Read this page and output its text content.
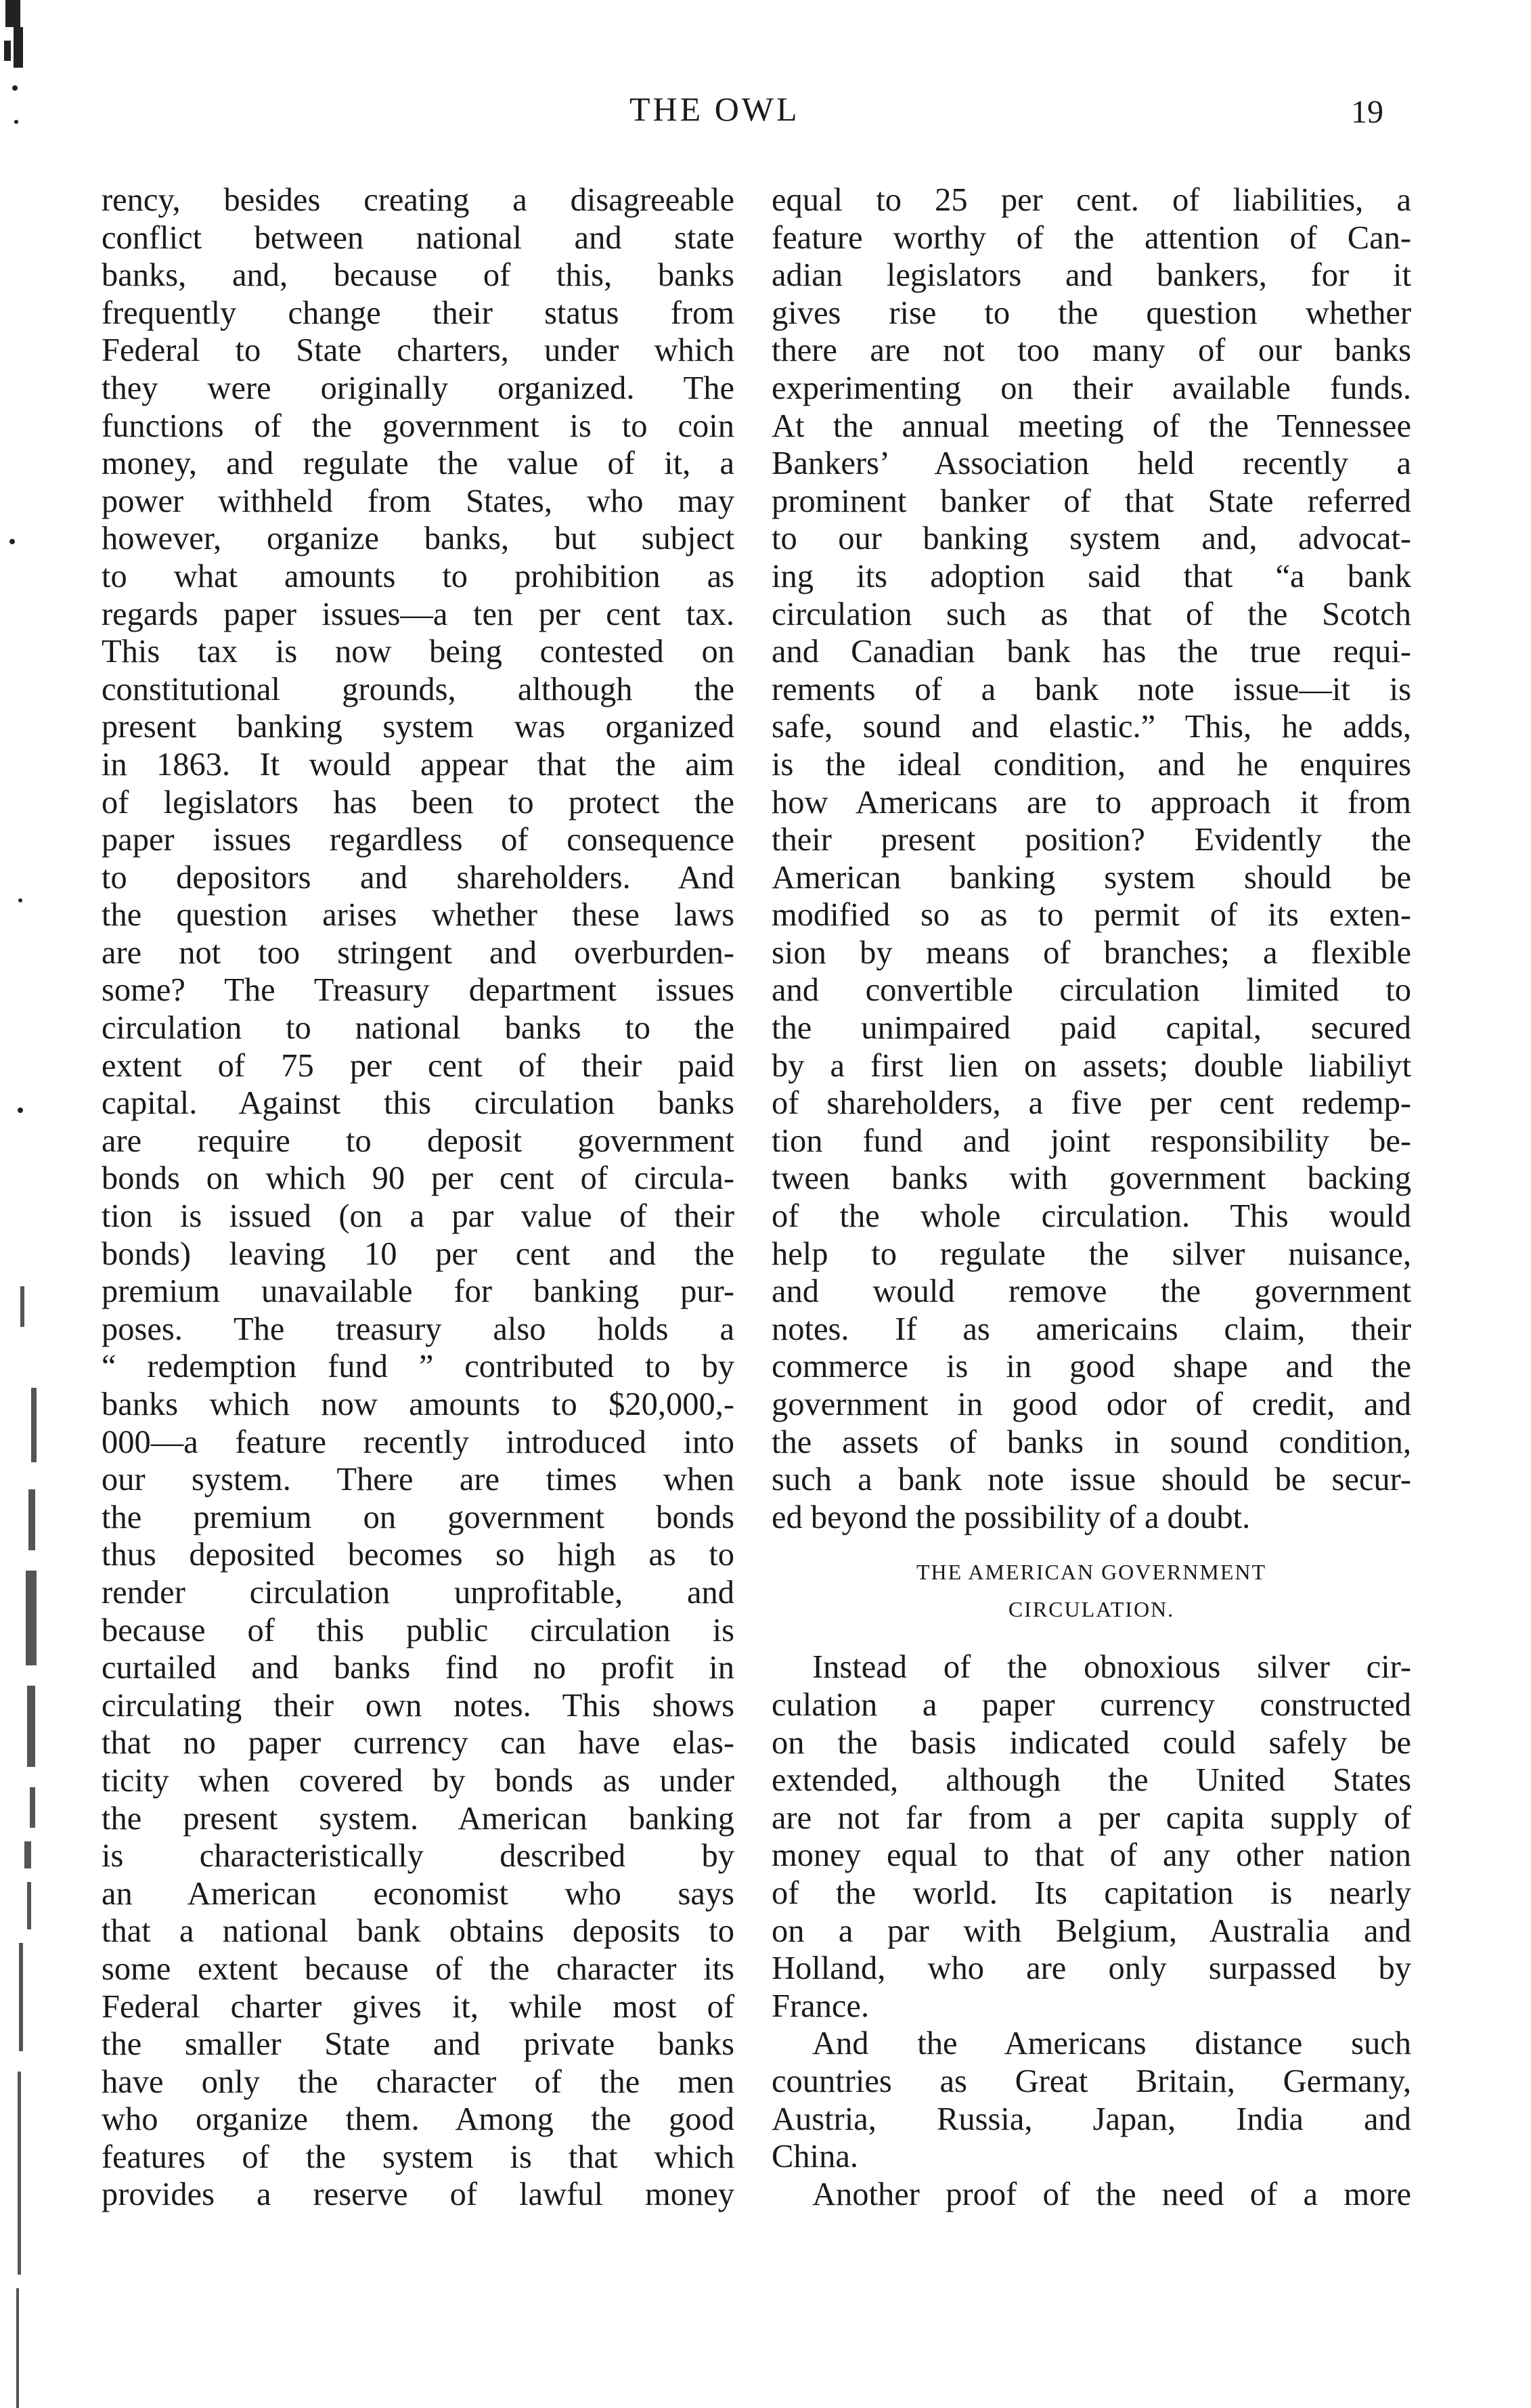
THE OWL	19
rency, besides creating a disagreeable
conflict between national and state
banks, and, because of this, banks
frequently change their status from
Federal to State charters, under which
they were originally organized. The
functions of the government is to coin
money, and regulate the value of it, a
power withheld from States, who may
however, organize banks, but subject
to what amounts to prohibition as
regards paper issues—a ten per cent tax.
This tax is now being contested on
constitutional grounds, although the
present banking system was organized
in 1863. It would appear that the aim
of legislators has been to protect the
paper issues regardless of consequence
to depositors and shareholders. And
the question arises whether these laws
are not too stringent and overburden-
some? The Treasury department issues
circulation to national banks to the
extent of 75 per cent of their paid
capital. Against this circulation banks
are require to deposit government
bonds on which 90 per cent of circula-
tion is issued (on a par value of their
bonds) leaving 10 per cent and the
premium unavailable for banking pur-
poses. The treasury also holds a
“ redemption fund ” contributed to by
banks which now amounts to $20,000,-
000—a feature recently introduced into
our system. There are times when
the premium on government bonds
thus deposited becomes so high as to
render circulation unprofitable, and
because of this public circulation is
curtailed and banks find no profit in
circulating their own notes. This shows
that no paper currency can have elas-
ticity when covered by bonds as under
the present system. American banking
is characteristically described by
an American economist who says
that a national bank obtains deposits to
some extent because of the character its
Federal charter gives it, while most of
the smaller State and private banks
have only the character of the men
who organize them. Among the good
features of the system is that which
provides a reserve of lawful money
equal to 25 per cent. of liabilities, a
feature worthy of the attention of Can-
adian legislators and bankers, for it
gives rise to the question whether
there are not too many of our banks
experimenting on their available funds.
At the annual meeting of the Tennessee
Bankers’ Association held recently a
prominent banker of that State referred
to our banking system and, advocat-
ing its adoption said that “a bank
circulation such as that of the Scotch
and Canadian bank has the true requi-
rements of a bank note issue—it is
safe, sound and elastic.” This, he adds,
is the ideal condition, and he enquires
how Americans are to approach it from
their present position? Evidently the
American banking system should be
modified so as to permit of its exten-
sion by means of branches; a flexible
and convertible circulation limited to
the unimpaired paid capital, secured
by a first lien on assets; double liabiliyt
of shareholders, a five per cent redemp-
tion fund and joint responsibility be-
tween banks with government backing
of the whole circulation. This would
help to regulate the silver nuisance,
and would remove the government
notes. If as americains claim, their
commerce is in good shape and the
government in good odor of credit, and
the assets of banks in sound condition,
such a bank note issue should be secur-
ed beyond the possibility of a doubt.
THE AMERICAN GOVERNMENT
CIRCULATION.
Instead of the obnoxious silver cir-
culation a paper currency constructed
on the basis indicated could safely be
extended, although the United States
are not far from a per capita supply of
money equal to that of any other nation
of the world. Its capitation is nearly
on a par with Belgium, Australia and
Holland, who are only surpassed by
France.
And the Americans distance such
countries as Great Britain, Germany,
Austria, Russia, Japan, India and
China.
Another proof of the need of a more
